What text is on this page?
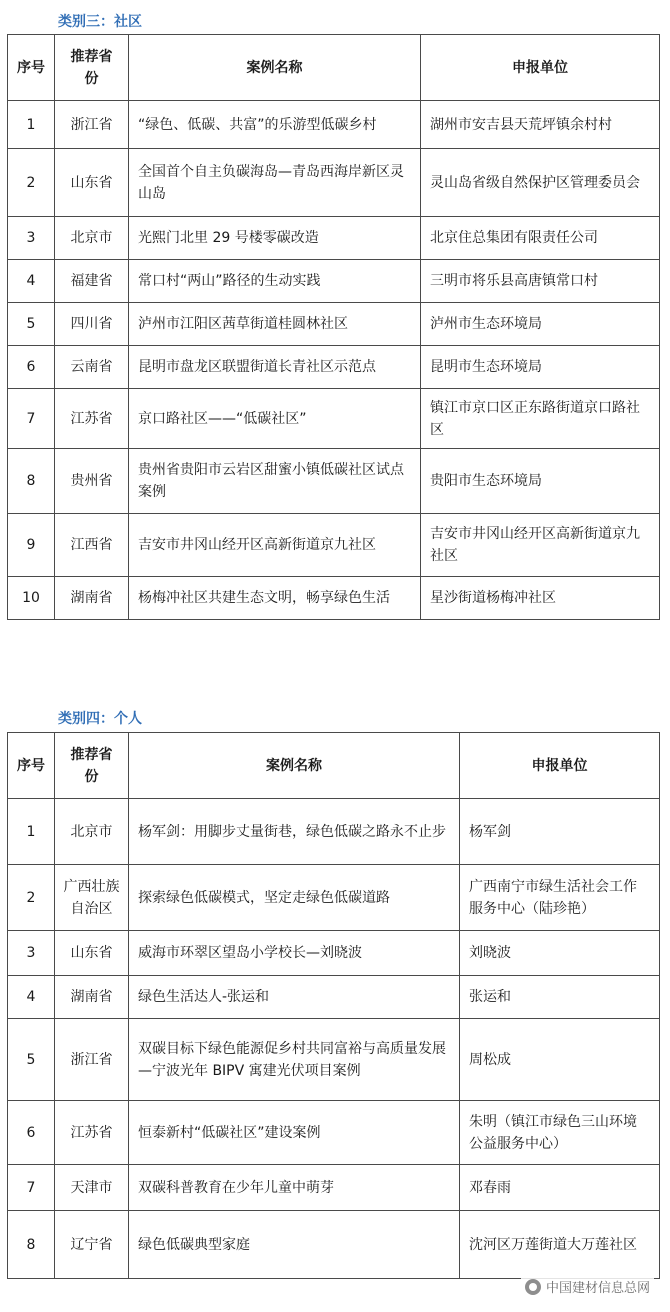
类别三：社区
序号	推荐省份	案例名称	申报单位
1	浙江省	“绿色、低碳、共富”的乐游型低碳乡村	湖州市安吉县天荒坪镇余村村
2	山东省	全国首个自主负碳海岛—青岛西海岸新区灵山岛	灵山岛省级自然保护区管理委员会
3	北京市	光熙门北里 29 号楼零碳改造	北京住总集团有限责任公司
4	福建省	常口村“两山”路径的生动实践	三明市将乐县高唐镇常口村
5	四川省	泸州市江阳区茜草街道桂圆林社区	泸州市生态环境局
6	云南省	昆明市盘龙区联盟街道长青社区示范点	昆明市生态环境局
7	江苏省	京口路社区——“低碳社区”	镇江市京口区正东路街道京口路社区
8	贵州省	贵州省贵阳市云岩区甜蜜小镇低碳社区试点案例	贵阳市生态环境局
9	江西省	吉安市井冈山经开区高新街道京九社区	吉安市井冈山经开区高新街道京九社区
10	湖南省	杨梅冲社区共建生态文明，畅享绿色生活	星沙街道杨梅冲社区
类别四：个人
序号	推荐省份	案例名称	申报单位
1	北京市	杨军剑：用脚步丈量街巷，绿色低碳之路永不止步	杨军剑
2	广西壮族自治区	探索绿色低碳模式，坚定走绿色低碳道路	广西南宁市绿生活社会工作服务中心（陆珍艳）
3	山东省	威海市环翠区望岛小学校长—刘晓波	刘晓波
4	湖南省	绿色生活达人-张运和	张运和
5	浙江省	双碳目标下绿色能源促乡村共同富裕与高质量发展—宁波光年 BIPV 寓建光伏项目案例	周松成
6	江苏省	恒泰新村“低碳社区”建设案例	朱明（镇江市绿色三山环境公益服务中心）
7	天津市	双碳科普教育在少年儿童中萌芽	邓春雨
8	辽宁省	绿色低碳典型家庭	沈河区万莲街道大万莲社区
中国建材信息总网
